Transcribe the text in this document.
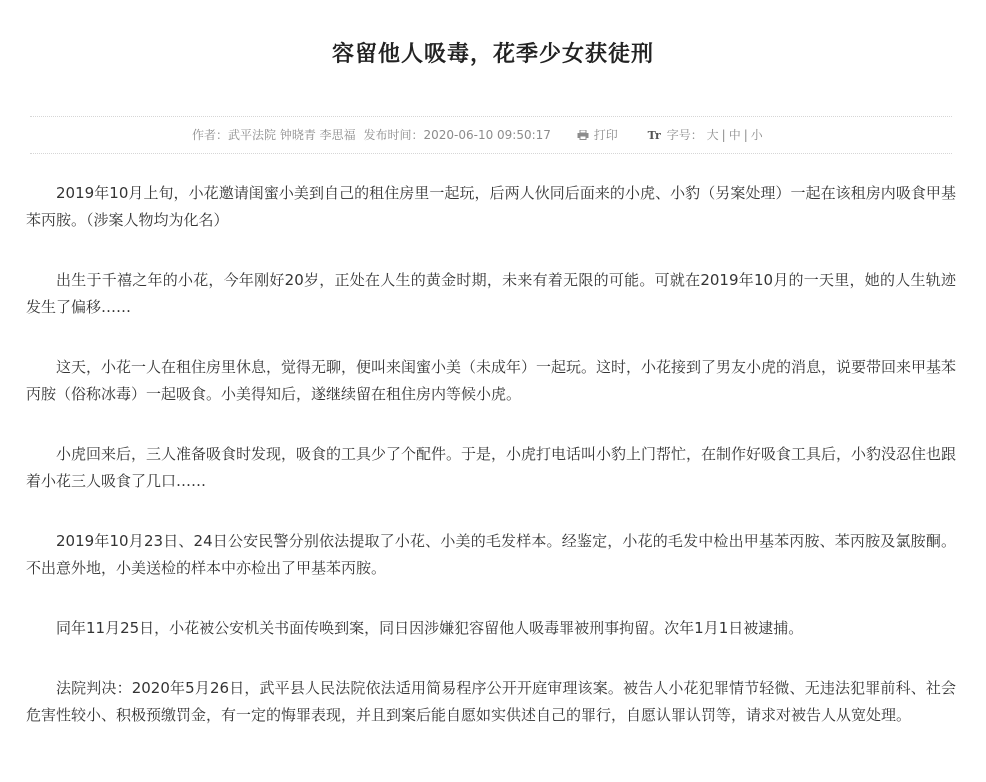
容留他人吸毒，花季少女获徒刑
作者：武平法院 钟晓青 李思福 发布时间：2020-06-10 09:50:17	打印	Tr 字号： 大 | 中 | 小

2019年10月上旬，小花邀请闺蜜小美到自己的租住房里一起玩，后两人伙同后面来的小虎、小豹（另案处理）一起在该租房内吸食甲基苯丙胺。（涉案人物均为化名）

出生于千禧之年的小花，今年刚好20岁，正处在人生的黄金时期，未来有着无限的可能。可就在2019年10月的一天里，她的人生轨迹发生了偏移……

这天，小花一人在租住房里休息，觉得无聊，便叫来闺蜜小美（未成年）一起玩。这时，小花接到了男友小虎的消息，说要带回来甲基苯丙胺（俗称冰毒）一起吸食。小美得知后，遂继续留在租住房内等候小虎。

小虎回来后，三人准备吸食时发现，吸食的工具少了个配件。于是，小虎打电话叫小豹上门帮忙，在制作好吸食工具后，小豹没忍住也跟着小花三人吸食了几口……

2019年10月23日、24日公安民警分别依法提取了小花、小美的毛发样本。经鉴定，小花的毛发中检出甲基苯丙胺、苯丙胺及氯胺酮。不出意外地，小美送检的样本中亦检出了甲基苯丙胺。

同年11月25日，小花被公安机关书面传唤到案，同日因涉嫌犯容留他人吸毒罪被刑事拘留。次年1月1日被逮捕。

法院判决：2020年5月26日，武平县人民法院依法适用简易程序公开开庭审理该案。被告人小花犯罪情节轻微、无违法犯罪前科、社会危害性较小、积极预缴罚金，有一定的悔罪表现，并且到案后能自愿如实供述自己的罪行，自愿认罪认罚等，请求对被告人从宽处理。
